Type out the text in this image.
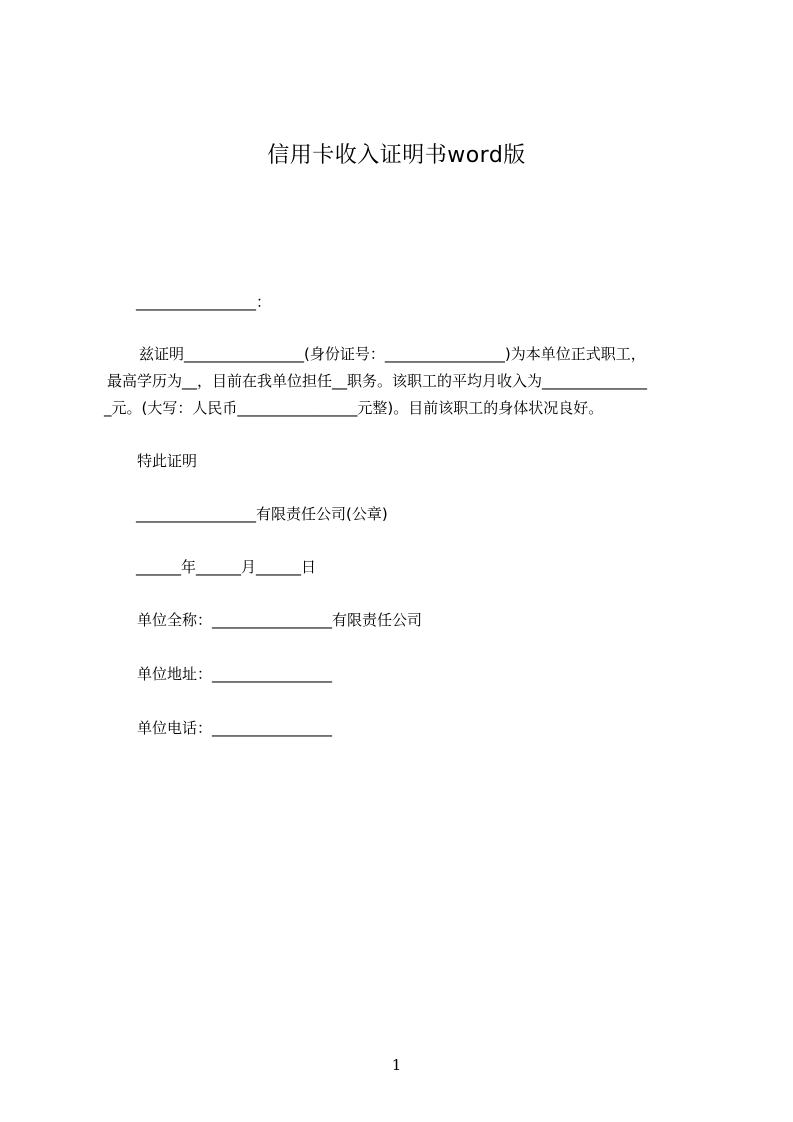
信用卡收入证明书word版
________________：
兹证明________________(身份证号：________________)为本单位正式职工，
最高学历为__，目前在我单位担任__职务。该职工的平均月收入为______________
_元。(大写：人民币________________元整)。目前该职工的身体状况良好。
特此证明
________________有限责任公司(公章)
______年______月______日
单位全称：________________有限责任公司
单位地址：________________
单位电话：________________
1
